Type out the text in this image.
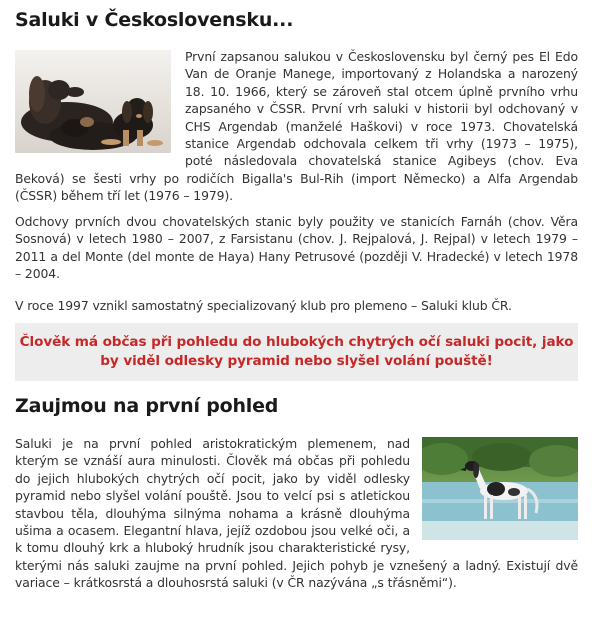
Saluki v Československu...

První zapsanou salukou v Československu byl černý pes El Edo Van de Oranje Manege, importovaný z Holandska a narozený 18. 10. 1966, který se zároveň stal otcem úplně prvního vrhu zapsaného v ČSSR. První vrh saluki v historii byl odchovaný v CHS Argendab (manželé Haškovi) v roce 1973. Chovatelská stanice Argendab odchovala celkem tři vrhy (1973 – 1975), poté následovala chovatelská stanice Agibeys (chov. Eva Beková) se šesti vrhy po rodičích Bigalla's Bul-Rih (import Německo) a Alfa Argendab (ČSSR) během tří let (1976 – 1979).

Odchovy prvních dvou chovatelských stanic byly použity ve stanicích Farnáh (chov. Věra Sosnová) v letech 1980 – 2007, z Farsistanu (chov. J. Rejpalová, J. Rejpal) v letech 1979 – 2011 a del Monte (del monte de Haya) Hany Petrusové (později V. Hradecké) v letech 1978 – 2004.

V roce 1997 vznikl samostatný specializovaný klub pro plemeno – Saluki klub ČR.

Člověk má občas při pohledu do hlubokých chytrých očí saluki pocit, jako by viděl odlesky pyramid nebo slyšel volání pouště!
Zaujmou na první pohled

Saluki je na první pohled aristokratickým plemenem, nad kterým se vznáší aura minulosti. Člověk má občas při pohledu do jejich hlubokých chytrých očí pocit, jako by viděl odlesky pyramid nebo slyšel volání pouště. Jsou to velcí psi s atletickou stavbou těla, dlouhýma silnýma nohama a krásně dlouhýma ušima a ocasem. Elegantní hlava, jejíž ozdobou jsou velké oči, a k tomu dlouhý krk a hluboký hrudník jsou charakteristické rysy, kterými nás saluki zaujme na první pohled. Jejich pohyb je vznešený a ladný. Existují dvě variace – krátkosrstá a dlouhosrstá saluki (v ČR nazývána „s třásněmi“).
